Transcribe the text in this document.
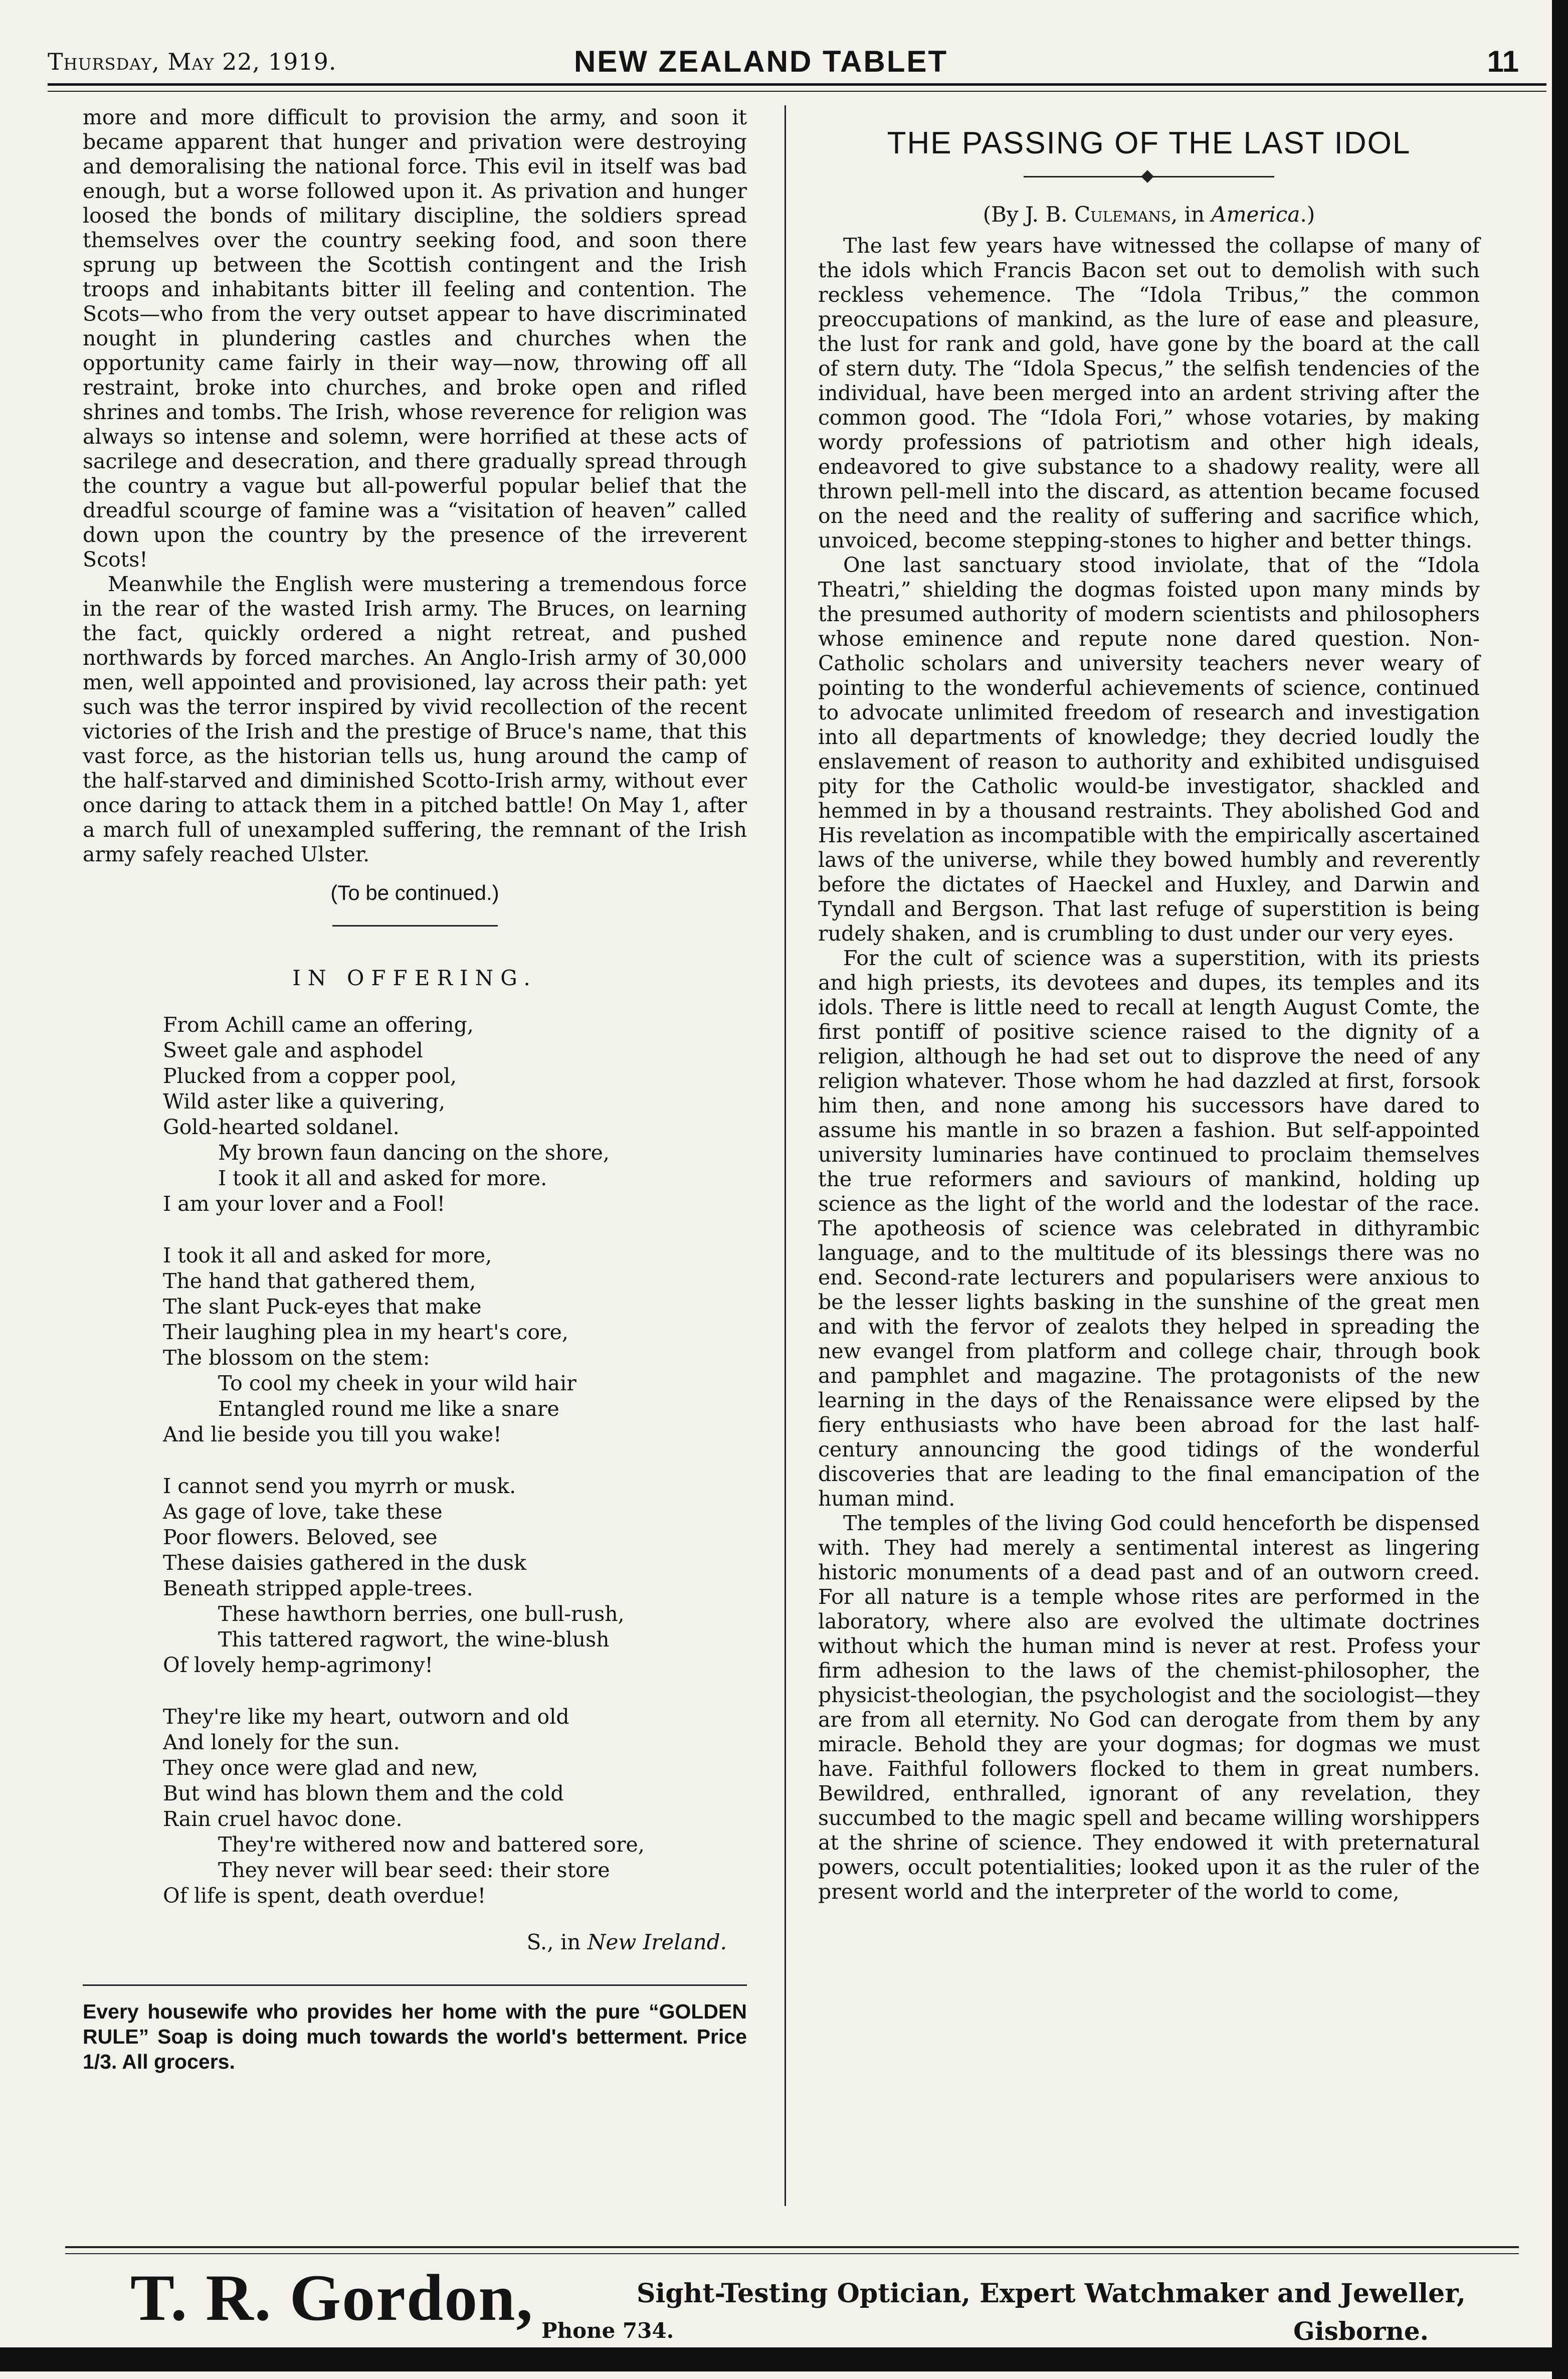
Thursday, May 22, 1919.	NEW ZEALAND TABLET	11

more and more difficult to provision the army, and soon it became apparent that hunger and privation were destroying and demoralising the national force. This evil in itself was bad enough, but a worse followed upon it. As privation and hunger loosed the bonds of military discipline, the soldiers spread themselves over the country seeking food, and soon there sprung up between the Scottish contingent and the Irish troops and inhabitants bitter ill feeling and contention. The Scots—who from the very outset appear to have discriminated nought in plundering castles and churches when the opportunity came fairly in their way—now, throwing off all restraint, broke into churches, and broke open and rifled shrines and tombs. The Irish, whose reverence for religion was always so intense and solemn, were horrified at these acts of sacrilege and desecration, and there gradually spread through the country a vague but all-powerful popular belief that the dreadful scourge of famine was a “visitation of heaven” called down upon the country by the presence of the irreverent Scots!

Meanwhile the English were mustering a tremendous force in the rear of the wasted Irish army. The Bruces, on learning the fact, quickly ordered a night retreat, and pushed northwards by forced marches. An Anglo-Irish army of 30,000 men, well appointed and provisioned, lay across their path: yet such was the terror inspired by vivid recollection of the recent victories of the Irish and the prestige of Bruce's name, that this vast force, as the historian tells us, hung around the camp of the half-starved and diminished Scotto-Irish army, without ever once daring to attack them in a pitched battle! On May 1, after a march full of unexampled suffering, the remnant of the Irish army safely reached Ulster.

(To be continued.)
IN OFFERING.
From Achill came an offering,
Sweet gale and asphodel
Plucked from a copper pool,
Wild aster like a quivering,
Gold-hearted soldanel.
My brown faun dancing on the shore,
I took it all and asked for more.
I am your lover and a Fool!
I took it all and asked for more,
The hand that gathered them,
The slant Puck-eyes that make
Their laughing plea in my heart's core,
The blossom on the stem:
To cool my cheek in your wild hair
Entangled round me like a snare
And lie beside you till you wake!
I cannot send you myrrh or musk.
As gage of love, take these
Poor flowers. Beloved, see
These daisies gathered in the dusk
Beneath stripped apple-trees.
These hawthorn berries, one bull-rush,
This tattered ragwort, the wine-blush
Of lovely hemp-agrimony!
They're like my heart, outworn and old
And lonely for the sun.
They once were glad and new,
But wind has blown them and the cold
Rain cruel havoc done.
They're withered now and battered sore,
They never will bear seed: their store
Of life is spent, death overdue!
S., in New Ireland.
Every housewife who provides her home with the pure “GOLDEN RULE” Soap is doing much towards the world's betterment. Price 1/3. All grocers.
THE PASSING OF THE LAST IDOL
(By J. B. Culemans, in America.)

The last few years have witnessed the collapse of many of the idols which Francis Bacon set out to demolish with such reckless vehemence. The “Idola Tribus,” the common preoccupations of mankind, as the lure of ease and pleasure, the lust for rank and gold, have gone by the board at the call of stern duty. The “Idola Specus,” the selfish tendencies of the individual, have been merged into an ardent striving after the common good. The “Idola Fori,” whose votaries, by making wordy professions of patriotism and other high ideals, endeavored to give substance to a shadowy reality, were all thrown pell-mell into the discard, as attention became focused on the need and the reality of suffering and sacrifice which, unvoiced, become stepping-stones to higher and better things.

One last sanctuary stood inviolate, that of the “Idola Theatri,” shielding the dogmas foisted upon many minds by the presumed authority of modern scientists and philosophers whose eminence and repute none dared question. Non-Catholic scholars and university teachers never weary of pointing to the wonderful achievements of science, continued to advocate unlimited freedom of research and investigation into all departments of knowledge; they decried loudly the enslavement of reason to authority and exhibited undisguised pity for the Catholic would-be investigator, shackled and hemmed in by a thousand restraints. They abolished God and His revelation as incompatible with the empirically ascertained laws of the universe, while they bowed humbly and reverently before the dictates of Haeckel and Huxley, and Darwin and Tyndall and Bergson. That last refuge of superstition is being rudely shaken, and is crumbling to dust under our very eyes.

For the cult of science was a superstition, with its priests and high priests, its devotees and dupes, its temples and its idols. There is little need to recall at length August Comte, the first pontiff of positive science raised to the dignity of a religion, although he had set out to disprove the need of any religion whatever. Those whom he had dazzled at first, forsook him then, and none among his successors have dared to assume his mantle in so brazen a fashion. But self-appointed university luminaries have continued to proclaim themselves the true reformers and saviours of mankind, holding up science as the light of the world and the lodestar of the race. The apotheosis of science was celebrated in dithyrambic language, and to the multitude of its blessings there was no end. Second-rate lecturers and popularisers were anxious to be the lesser lights basking in the sunshine of the great men and with the fervor of zealots they helped in spreading the new evangel from platform and college chair, through book and pamphlet and magazine. The protagonists of the new learning in the days of the Renaissance were elipsed by the fiery enthusiasts who have been abroad for the last half-century announcing the good tidings of the wonderful discoveries that are leading to the final emancipation of the human mind.

The temples of the living God could henceforth be dispensed with. They had merely a sentimental interest as lingering historic monuments of a dead past and of an outworn creed. For all nature is a temple whose rites are performed in the laboratory, where also are evolved the ultimate doctrines without which the human mind is never at rest. Profess your firm adhesion to the laws of the chemist-philosopher, the physicist-theologian, the psychologist and the sociologist—they are from all eternity. No God can derogate from them by any miracle. Behold they are your dogmas; for dogmas we must have. Faithful followers flocked to them in great numbers. Bewildred, enthralled, ignorant of any revelation, they succumbed to the magic spell and became willing worshippers at the shrine of science. They endowed it with preternatural powers, occult potentialities; looked upon it as the ruler of the present world and the interpreter of the world to come,

T. R. Gordon,	Sight-Testing Optician, Expert Watchmaker and Jeweller,
Phone 734.	Gisborne.
